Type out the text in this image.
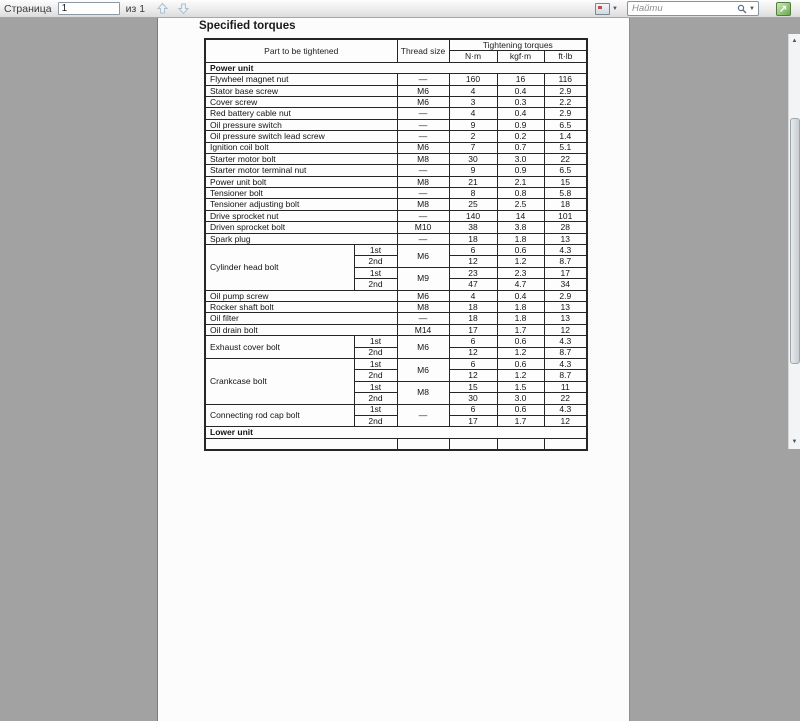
Страница
1	из 1	▼
Найти	▼
Specified torques
Part to be tightened		Thread size	Tightening torques		
			N·m	kgf·m	ft·lb
Power unit					
Flywheel magnet nut		—	160	16	116
Stator base screw		M6	4	0.4	2.9
Cover screw		M6	3	0.3	2.2
Red battery cable nut		—	4	0.4	2.9
Oil pressure switch		—	9	0.9	6.5
Oil pressure switch lead screw		—	2	0.2	1.4
Ignition coil bolt		M6	7	0.7	5.1
Starter motor bolt		M8	30	3.0	22
Starter motor terminal nut		—	9	0.9	6.5
Power unit bolt		M8	21	2.1	15
Tensioner bolt		—	8	0.8	5.8
Tensioner adjusting bolt		M8	25	2.5	18
Drive sprocket nut		—	140	14	101
Driven sprocket bolt		M10	38	3.8	28
Spark plug		—	18	1.8	13
Cylinder head bolt	1st	M6	6	0.6	4.3
	2nd		12	1.2	8.7
	1st	M9	23	2.3	17
	2nd		47	4.7	34
Oil pump screw		M6	4	0.4	2.9
Rocker shaft bolt		M8	18	1.8	13
Oil filter		—	18	1.8	13
Oil drain bolt		M14	17	1.7	12
Exhaust cover bolt	1st	M6	6	0.6	4.3
	2nd		12	1.2	8.7
Crankcase bolt	1st	M6	6	0.6	4.3
	2nd		12	1.2	8.7
	1st	M8	15	1.5	11
	2nd		30	3.0	22
Connecting rod cap bolt	1st	—	6	0.6	4.3
	2nd		17	1.7	12
Lower unit					

▲
▼
